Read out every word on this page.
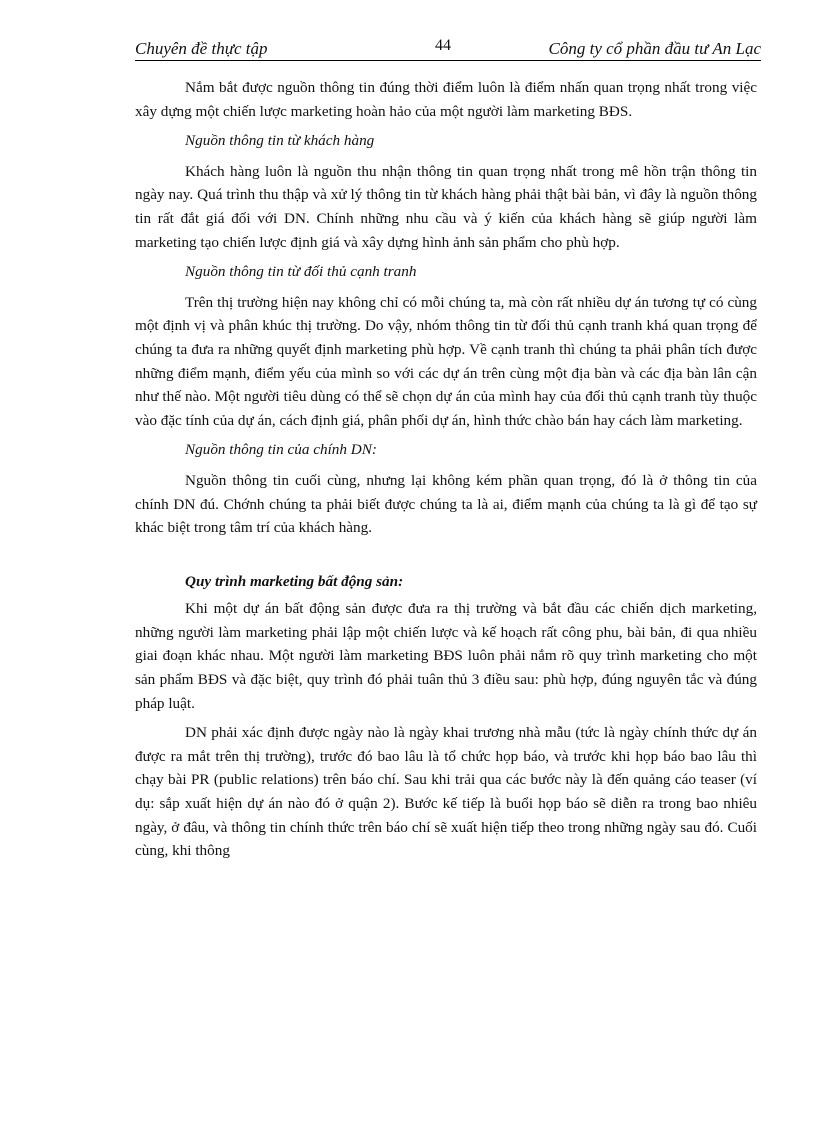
Chuyên đề thực tập	44	Công ty cổ phần đầu tư An Lạc

Nắm bắt được nguồn thông tin đúng thời điểm luôn là điểm nhấn quan trọng nhất trong việc xây dựng một chiến lược marketing hoàn hảo của một người làm marketing BĐS.

Nguồn thông tin từ khách hàng

Khách hàng luôn là nguồn thu nhận thông tin quan trọng nhất trong mê hồn trận thông tin ngày nay. Quá trình thu thập và xử lý thông tin từ khách hàng phải thật bài bản, vì đây là nguồn thông tin rất đắt giá đối với DN. Chính những nhu cầu và ý kiến của khách hàng sẽ giúp người làm marketing tạo chiến lược định giá và xây dựng hình ảnh sản phẩm cho phù hợp.

Nguồn thông tin từ đối thủ cạnh tranh

Trên thị trường hiện nay không chỉ có mỗi chúng ta, mà còn rất nhiều dự án tương tự có cùng một định vị và phân khúc thị trường. Do vậy, nhóm thông tin từ đối thủ cạnh tranh khá quan trọng để chúng ta đưa ra những quyết định marketing phù hợp. Về cạnh tranh thì chúng ta phải phân tích được những điểm mạnh, điểm yếu của mình so với các dự án trên cùng một địa bàn và các địa bàn lân cận như thế nào. Một người tiêu dùng có thể sẽ chọn dự án của mình hay của đối thủ cạnh tranh tùy thuộc vào đặc tính của dự án, cách định giá, phân phối dự án, hình thức chào bán hay cách làm marketing.

Nguồn thông tin của chính DN:

Nguồn thông tin cuối cùng, nhưng lại không kém phần quan trọng, đó là ở thông tin của chính DN đú. Chớnh chúng ta phải biết được chúng ta là ai, điểm mạnh của chúng ta là gì để tạo sự khác biệt trong tâm trí của khách hàng.

Quy trình marketing bất động sản:

Khi một dự án bất động sản được đưa ra thị trường và bắt đầu các chiến dịch marketing, những người làm marketing phải lập một chiến lược và kế hoạch rất công phu, bài bản, đi qua nhiều giai đoạn khác nhau. Một người làm marketing BĐS luôn phải nắm rõ quy trình marketing cho một sản phẩm BĐS và đặc biệt, quy trình đó phải tuân thủ 3 điều sau: phù hợp, đúng nguyên tắc và đúng pháp luật.

DN phải xác định được ngày nào là ngày khai trương nhà mẫu (tức là ngày chính thức dự án được ra mắt trên thị trường), trước đó bao lâu là tổ chức họp báo, và trước khi họp báo bao lâu thì chạy bài PR (public relations) trên báo chí. Sau khi trải qua các bước này là đến quảng cáo teaser (ví dụ: sắp xuất hiện dự án nào đó ở quận 2). Bước kế tiếp là buổi họp báo sẽ diễn ra trong bao nhiêu ngày, ở đâu, và thông tin chính thức trên báo chí sẽ xuất hiện tiếp theo trong những ngày sau đó. Cuối cùng, khi thông
